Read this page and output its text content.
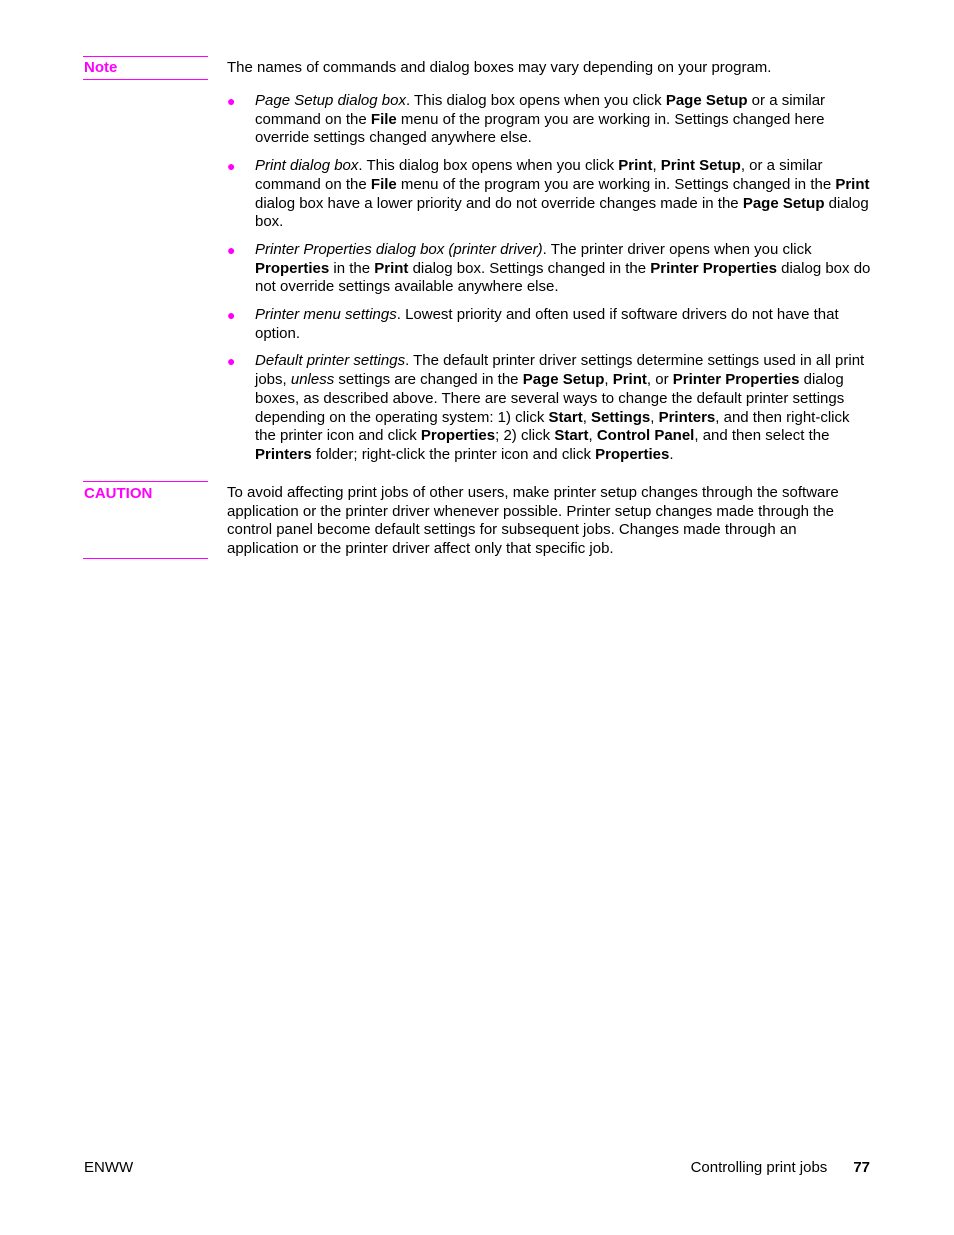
Note	The names of commands and dialog boxes may vary depending on your program.
● Page Setup dialog box. This dialog box opens when you click Page Setup or a similar command on the File menu of the program you are working in. Settings changed here override settings changed anywhere else.
● Print dialog box. This dialog box opens when you click Print, Print Setup, or a similar command on the File menu of the program you are working in. Settings changed in the Print dialog box have a lower priority and do not override changes made in the Page Setup dialog box.
● Printer Properties dialog box (printer driver). The printer driver opens when you click Properties in the Print dialog box. Settings changed in the Printer Properties dialog box do not override settings available anywhere else.
● Printer menu settings. Lowest priority and often used if software drivers do not have that option.
● Default printer settings. The default printer driver settings determine settings used in all print jobs, unless settings are changed in the Page Setup, Print, or Printer Properties dialog boxes, as described above. There are several ways to change the default printer settings depending on the operating system: 1) click Start, Settings, Printers, and then right-click the printer icon and click Properties; 2) click Start, Control Panel, and then select the Printers folder; right-click the printer icon and click Properties.
CAUTION	To avoid affecting print jobs of other users, make printer setup changes through the software application or the printer driver whenever possible. Printer setup changes made through the control panel become default settings for subsequent jobs. Changes made through an application or the printer driver affect only that specific job.
ENWW	Controlling print jobs 77
